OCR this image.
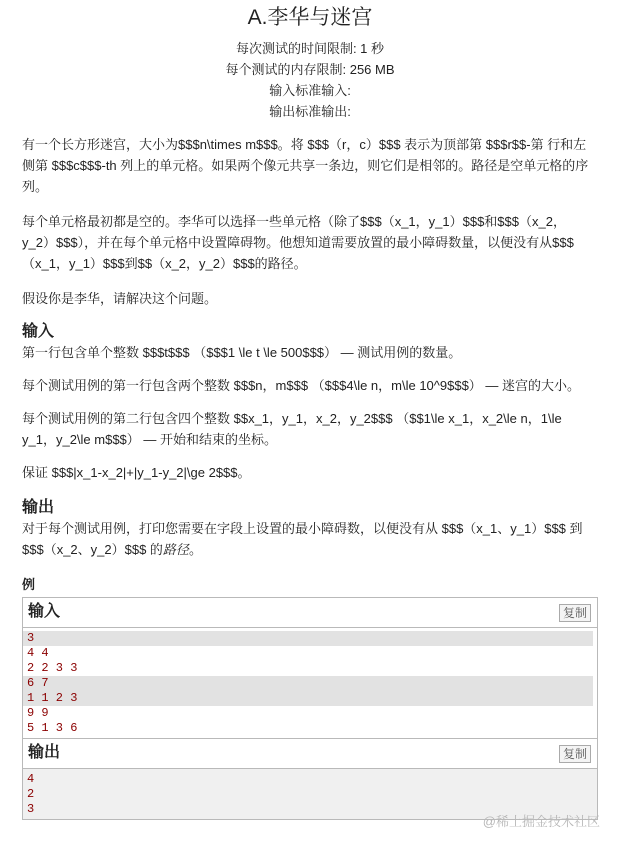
A.李华与迷宫
每次测试的时间限制: 1 秒
每个测试的内存限制: 256 MB
输入标准输入:
输出标准输出:

有一个长方形迷宫，大小为$$$n\times m$$$。将 $$$（r，c）$$$ 表示为顶部第 $$$r$$-第 行和左侧第 $$$c$$$-th 列上的单元格。如果两个像元共享一条边，则它们是相邻的。路径是空单元格的序列。

每个单元格最初都是空的。李华可以选择一些单元格（除了$$$（x_1，y_1）$$$和$$$（x_2，y_2）$$$），并在每个单元格中设置障碍物。他想知道需要放置的最小障碍数量，以便没有从$$$（x_1，y_1）$$$到$$（x_2，y_2）$$$的路径。

假设你是李华，请解决这个问题。

输入

第一行包含单个整数 $$$t$$$ （$$$1 \le t \le 500$$$） — 测试用例的数量。

每个测试用例的第一行包含两个整数 $$$n，m$$$ （$$$4\le n，m\le 10^9$$$） — 迷宫的大小。

每个测试用例的第二行包含四个整数 $$x_1，y_1，x_2，y_2$$$ （$$1\le x_1，x_2\le n，1\le y_1，y_2\le m$$$） — 开始和结束的坐标。

保证 $$$|x_1-x_2|+|y_1-y_2|\ge 2$$$。

输出

对于每个测试用例，打印您需要在字段上设置的最小障碍数，以便没有从 $$$（x_1、y_1）$$$ 到 $$$（x_2、y_2）$$$ 的路径。

例
输入	复制
3
4 4
2 2 3 3
6 7
1 1 2 3
9 9
5 1 3 6
输出	复制
4
2
3
@稀土掘金技术社区
